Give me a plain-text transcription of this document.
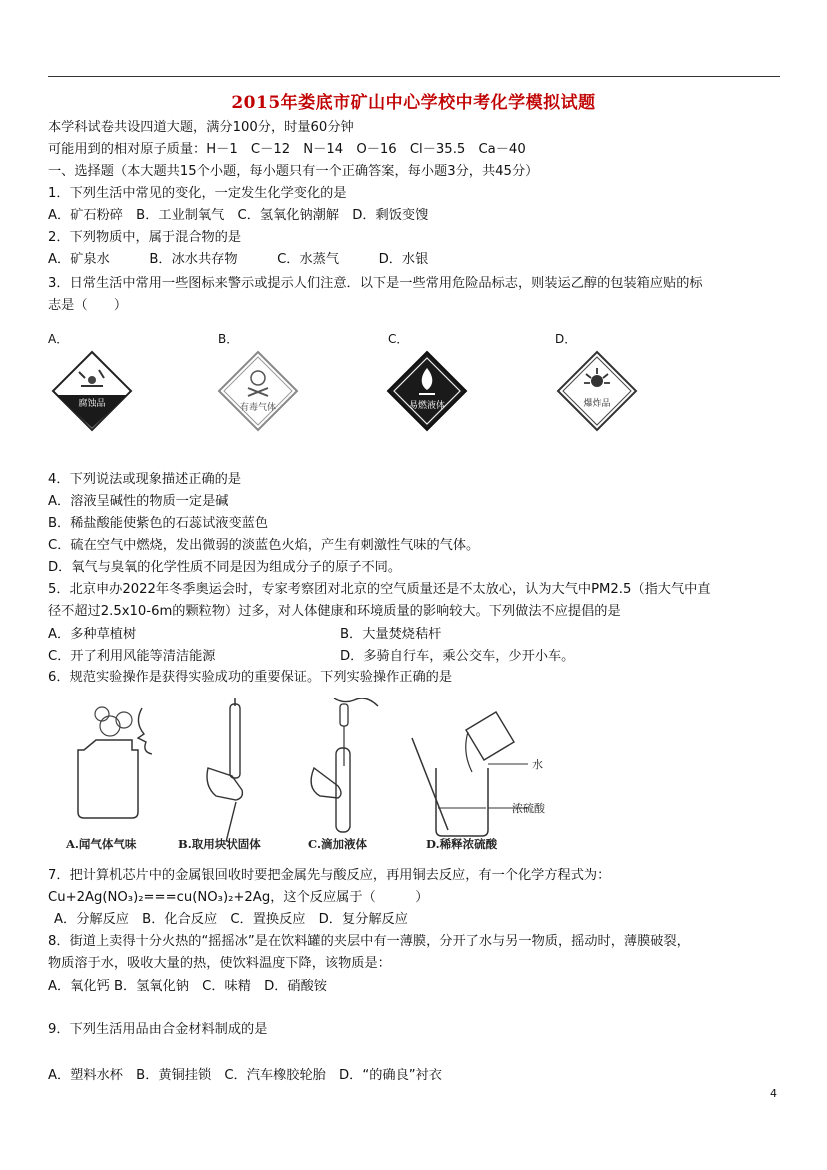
2015年娄底市矿山中心学校中考化学模拟试题
本学科试卷共设四道大题，满分100分，时量60分钟
可能用到的相对原子质量：H－1　C－12　N－14　O－16　Cl－35.5　Ca－40
一、选择题（本大题共15个小题，每小题只有一个正确答案，每小题3分，共45分）
1．下列生活中常见的变化，一定发生化学变化的是
A．矿石粉碎　B．工业制氧气　C．氢氧化钠潮解　D．剩饭变馊
2．下列物质中，属于混合物的是
A．矿泉水　　　B．冰水共存物　　　C．水蒸气　　　D．水银
3．日常生活中常用一些图标来警示或提示人们注意．以下是一些常用危险品标志，则装运乙醇的包装箱应贴的标
志是（　　）
A．	B．	C．	D．
腐蚀品	有毒气体	易燃液体	爆炸品
4．下列说法或现象描述正确的是
A．溶液呈碱性的物质一定是碱
B．稀盐酸能使紫色的石蕊试液变蓝色
C．硫在空气中燃烧，发出微弱的淡蓝色火焰，产生有刺激性气味的气体。
D．氧气与臭氧的化学性质不同是因为组成分子的原子不同。
5．北京申办2022年冬季奥运会时，专家考察团对北京的空气质量还是不太放心，认为大气中PM2.5（指大气中直
径不超过2.5x10-6m的颗粒物）过多，对人体健康和环境质量的影响较大。下列做法不应提倡的是
A．多种草植树	B．大量焚烧秸杆
C．开了利用风能等清洁能源	D．多骑自行车，乘公交车，少开小车。
6．规范实验操作是获得实验成功的重要保证。下列实验操作正确的是
水
浓硫酸
A.闻气体气味	B.取用块状固体	C.滴加液体	D.稀释浓硫酸
7．把计算机芯片中的金属银回收时要把金属先与酸反应，再用铜去反应，有一个化学方程式为：
Cu+2Ag(NO₃)₂===cu(NO₃)₂+2Ag，这个反应属于（　　　）
A．分解反应　B．化合反应　C．置换反应　D．复分解反应
8．街道上卖得十分火热的“摇摇冰”是在饮料罐的夹层中有一薄膜，分开了水与另一物质，摇动时，薄膜破裂，
物质溶于水，吸收大量的热，使饮料温度下降，该物质是：
A．氧化钙 B．氢氧化钠　C．味精　D．硝酸铵
9．下列生活用品由合金材料制成的是
A．塑料水杯　B．黄铜挂锁　C．汽车橡胶轮胎　D．“的确良”衬衣
4
